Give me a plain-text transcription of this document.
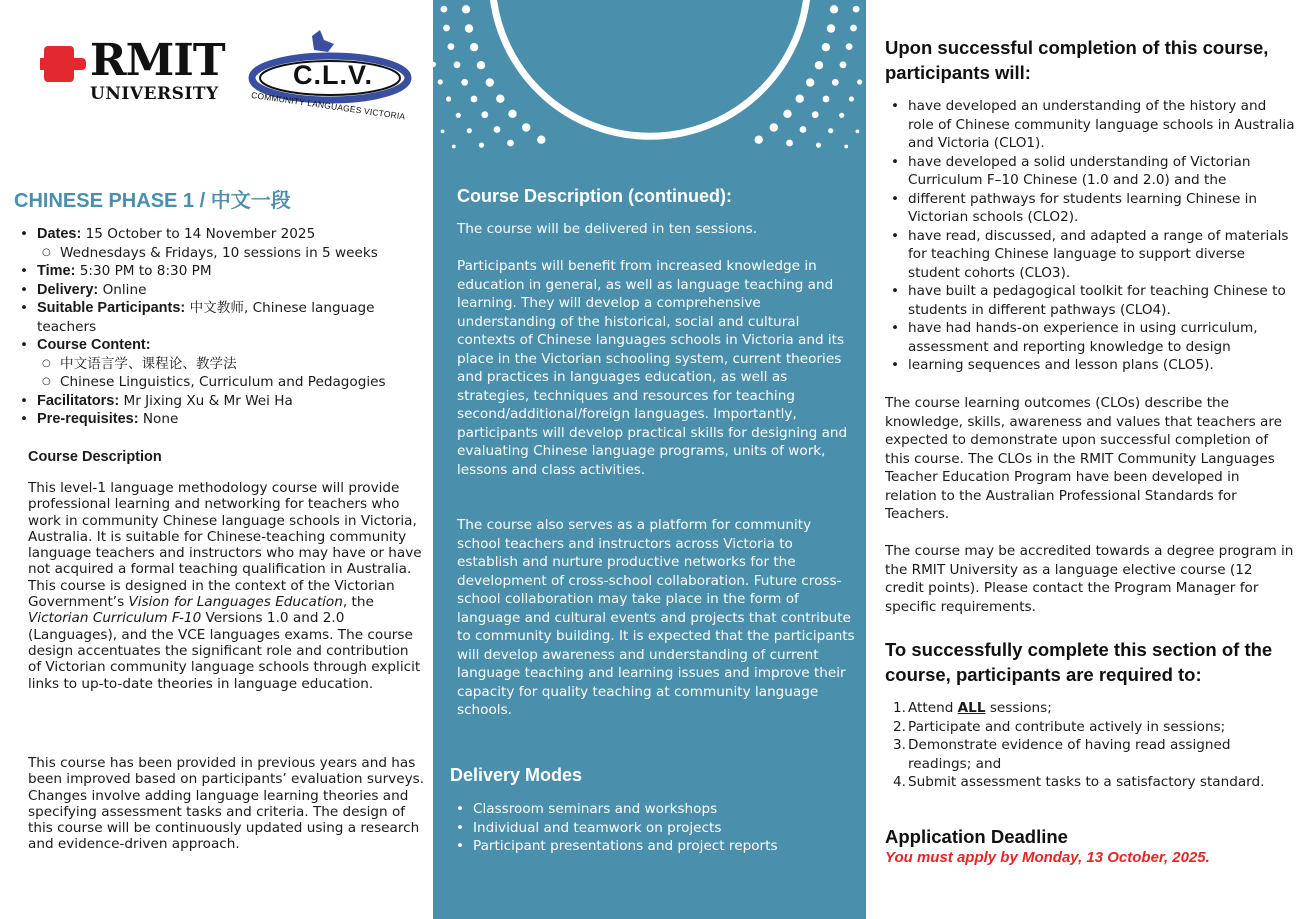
RMIT
UNIVERSITY
C.L.V.
COMMUNITY LANGUAGES VICTORIA
CHINESE PHASE 1 / 中文一段
• Dates: 15 October to 14 November 2025
○ Wednesdays & Fridays, 10 sessions in 5 weeks
• Time: 5:30 PM to 8:30 PM
• Delivery: Online
• Suitable Participants: 中文教师, Chinese language teachers
• Course Content:
○ 中文语言学、课程论、教学法
○ Chinese Linguistics, Curriculum and Pedagogies
• Facilitators: Mr Jixing Xu & Mr Wei Ha
• Pre-requisites: None
Course Description

This level-1 language methodology course will provide professional learning and networking for teachers who work in community Chinese language schools in Victoria, Australia. It is suitable for Chinese-teaching community language teachers and instructors who may have or have not acquired a formal teaching qualification in Australia. This course is designed in the context of the Victorian Government’s Vision for Languages Education, the Victorian Curriculum F-10 Versions 1.0 and 2.0 (Languages), and the VCE languages exams. The course design accentuates the significant role and contribution of Victorian community language schools through explicit links to up-to-date theories in language education.

This course has been provided in previous years and has been improved based on participants’ evaluation surveys. Changes involve adding language learning theories and specifying assessment tasks and criteria. The design of this course will be continuously updated using a research and evidence-driven approach.

Course Description (continued):

The course will be delivered in ten sessions.

Participants will benefit from increased knowledge in education in general, as well as language teaching and learning. They will develop a comprehensive understanding of the historical, social and cultural contexts of Chinese languages schools in Victoria and its place in the Victorian schooling system, current theories and practices in languages education, as well as strategies, techniques and resources for teaching second/additional/foreign languages. Importantly, participants will develop practical skills for designing and evaluating Chinese language programs, units of work, lessons and class activities.

The course also serves as a platform for community school teachers and instructors across Victoria to establish and nurture productive networks for the development of cross-school collaboration. Future cross-school collaboration may take place in the form of language and cultural events and projects that contribute to community building. It is expected that the participants will develop awareness and understanding of current language teaching and learning issues and improve their capacity for quality teaching at community language schools.

Delivery Modes
• Classroom seminars and workshops
• Individual and teamwork on projects
• Participant presentations and project reports
Upon successful completion of this course, participants will:
• have developed an understanding of the history and role of Chinese community language schools in Australia and Victoria (CLO1).
• have developed a solid understanding of Victorian Curriculum F–10 Chinese (1.0 and 2.0) and the
• different pathways for students learning Chinese in Victorian schools (CLO2).
• have read, discussed, and adapted a range of materials for teaching Chinese language to support diverse student cohorts (CLO3).
• have built a pedagogical toolkit for teaching Chinese to students in different pathways (CLO4).
• have had hands-on experience in using curriculum, assessment and reporting knowledge to design
• learning sequences and lesson plans (CLO5).

The course learning outcomes (CLOs) describe the knowledge, skills, awareness and values that teachers are expected to demonstrate upon successful completion of this course. The CLOs in the RMIT Community Languages Teacher Education Program have been developed in relation to the Australian Professional Standards for Teachers.

The course may be accredited towards a degree program in the RMIT University as a language elective course (12 credit points). Please contact the Program Manager for specific requirements.

To successfully complete this section of the course, participants are required to:
1. Attend ALL sessions;
2. Participate and contribute actively in sessions;
3. Demonstrate evidence of having read assigned readings; and
4. Submit assessment tasks to a satisfactory standard.
Application Deadline
You must apply by Monday, 13 October, 2025.
